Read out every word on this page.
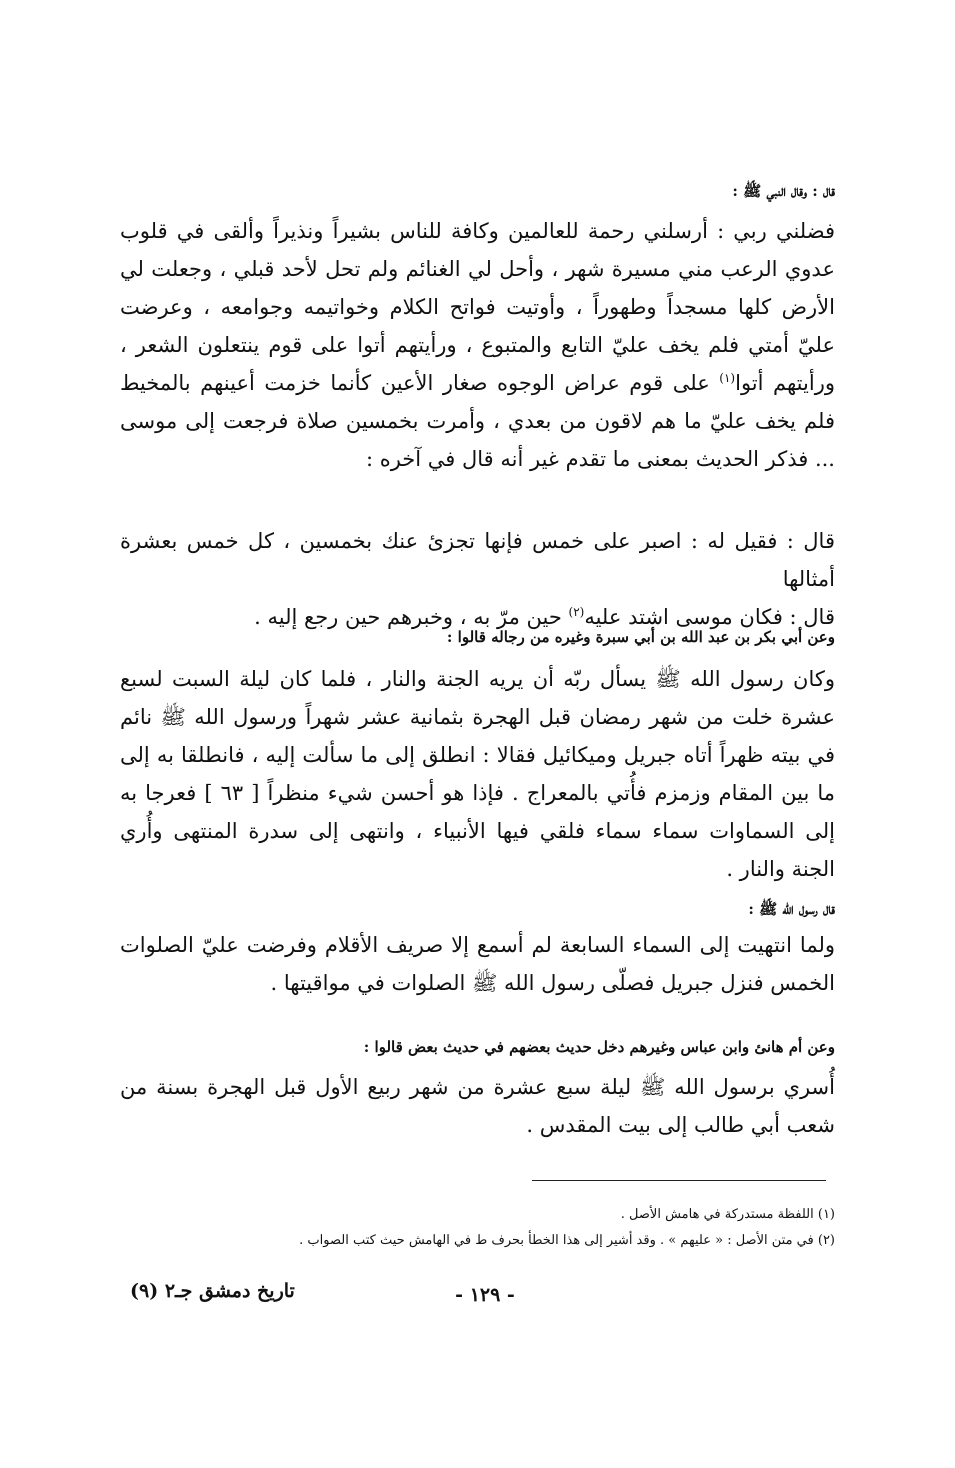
قال : وقال النبي ﷺ :

فضلني ربي : أرسلني رحمة للعالمين وكافة للناس بشيراً ونذيراً وألقى في قلوب عدوي الرعب مني مسيرة شهر ، وأحل لي الغنائم ولم تحل لأحد قبلي ، وجعلت لي الأرض كلها مسجداً وطهوراً ، وأوتيت فواتح الكلام وخواتيمه وجوامعه ، وعرضت عليّ أمتي فلم يخف عليّ التابع والمتبوع ، ورأيتهم أتوا على قوم ينتعلون الشعر ، ورأيتهم أتوا$^{(١)}$ على قوم عراض الوجوه صغار الأعين كأنما خزمت أعينهم بالمخيط فلم يخف عليّ ما هم لاقون من بعدي ، وأمرت بخمسين صلاة فرجعت إلى موسى ... فذكر الحديث بمعنى ما تقدم غير أنه قال في آخره :

قال : فقيل له : اصبر على خمس فإنها تجزئ عنك بخمسين ، كل خمس بعشرة أمثالها

قال : فكان موسى اشتد عليه$^{(٢)}$ حين مرّ به ، وخبرهم حين رجع إليه .

وعن أبي بكر بن عبد الله بن أبي سبرة وغيره من رجاله قالوا :

وكان رسول الله ﷺ يسأل ربّه أن يريه الجنة والنار ، فلما كان ليلة السبت لسبع عشرة خلت من شهر رمضان قبل الهجرة بثمانية عشر شهراً ورسول الله ﷺ نائم في بيته ظهراً أتاه جبريل وميكائيل فقالا : انطلق إلى ما سألت إليه ، فانطلقا به إلى ما بين المقام وزمزم فأُتي بالمعراج . فإذا هو أحسن شيء منظراً [ ٦٣ ] فعرجا به إلى السماوات سماء سماء فلقي فيها الأنبياء ، وانتهى إلى سدرة المنتهى وأُري الجنة والنار .

قال رسول الله ﷺ :

ولما انتهيت إلى السماء السابعة لم أسمع إلا صريف الأقلام وفرضت عليّ الصلوات الخمس فنزل جبريل فصلّى رسول الله ﷺ الصلوات في مواقيتها .

وعن أم هانئ وابن عباس وغيرهم دخل حديث بعضهم في حديث بعض قالوا :

أُسري برسول الله ﷺ ليلة سبع عشرة من شهر ربيع الأول قبل الهجرة بسنة من شعب أبي طالب إلى بيت المقدس .

(١) اللفظة مستدركة في هامش الأصل .
(٢) في متن الأصل : « عليهم » . وقد أشير إلى هذا الخطأ بحرف ط في الهامش حيث كتب الصواب .
- ١٢٩ -
تاريخ دمشق جـ٢ (٩)
